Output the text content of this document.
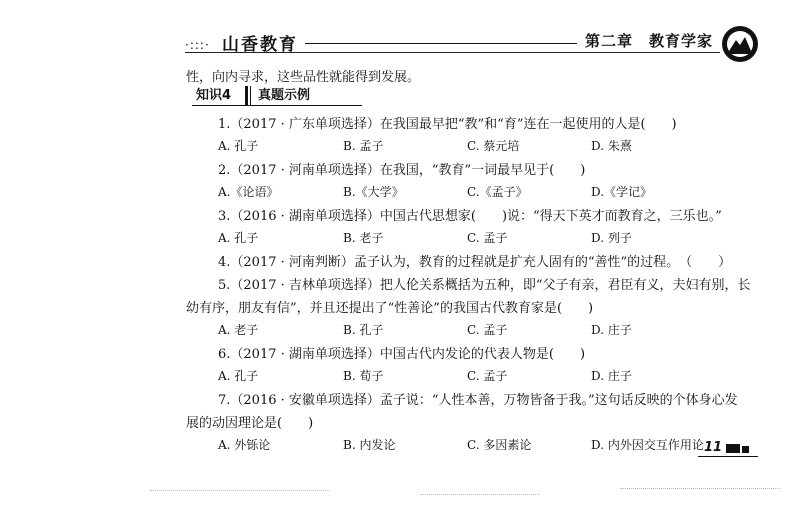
·:::· 山香教育	第二章　教育学家
性，向内寻求，这些品性就能得到发展。
知识4	真题示例
1.（2017 · 广东单项选择）在我国最早把“教”和“育”连在一起使用的人是(　　)
A. 孔子	B. 孟子	C. 蔡元培	D. 朱熹
2.（2017 · 河南单项选择）在我国，“教育”一词最早见于(　　)
A.《论语》	B.《大学》	C.《孟子》	D.《学记》
3.（2016 · 湖南单项选择）中国古代思想家(　　)说：“得天下英才而教育之，三乐也。”
A. 孔子	B. 老子	C. 孟子	D. 列子
4.（2017 · 河南判断）孟子认为，教育的过程就是扩充人固有的“善性”的过程。　（　　）
5.（2017 · 吉林单项选择）把人伦关系概括为五种，即“父子有亲，君臣有义，夫妇有别，长
幼有序，朋友有信”，并且还提出了“性善论”的我国古代教育家是(　　)
A. 老子	B. 孔子	C. 孟子	D. 庄子
6.（2017 · 湖南单项选择）中国古代内发论的代表人物是(　　)
A. 孔子	B. 荀子	C. 孟子	D. 庄子
7.（2016 · 安徽单项选择）孟子说：“人性本善，万物皆备于我。”这句话反映的个体身心发
展的动因理论是(　　)
A. 外铄论	B. 内发论	C. 多因素论	D. 内外因交互作用论 11
